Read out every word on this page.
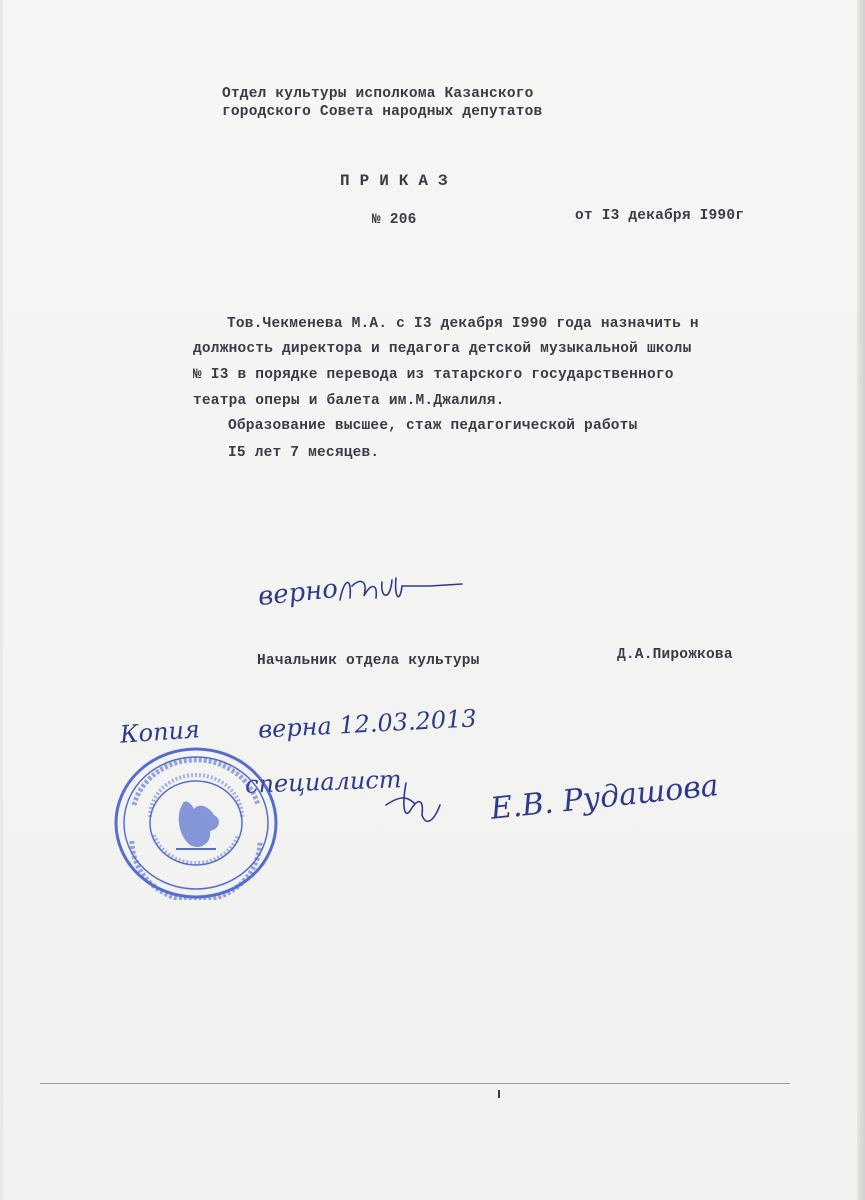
Отдел культуры исполкома Казанского
городского Совета народных депутатов
П Р И К А З
№ 206	от I3 декабря I990г
Тов.Чекменева М.А. с I3 декабря I990 года назначить н
должность директора и педагога детской музыкальной школы
№ I3 в порядке перевода из татарского государственного
театра оперы и балета им.М.Джалиля.
Образование высшее, стаж педагогической работы
I5 лет 7 месяцев.
верно
Начальник отдела культуры	Д.А.Пирожкова
Копия верна 12.03.2013
специалист	Е.В. Рудашова
